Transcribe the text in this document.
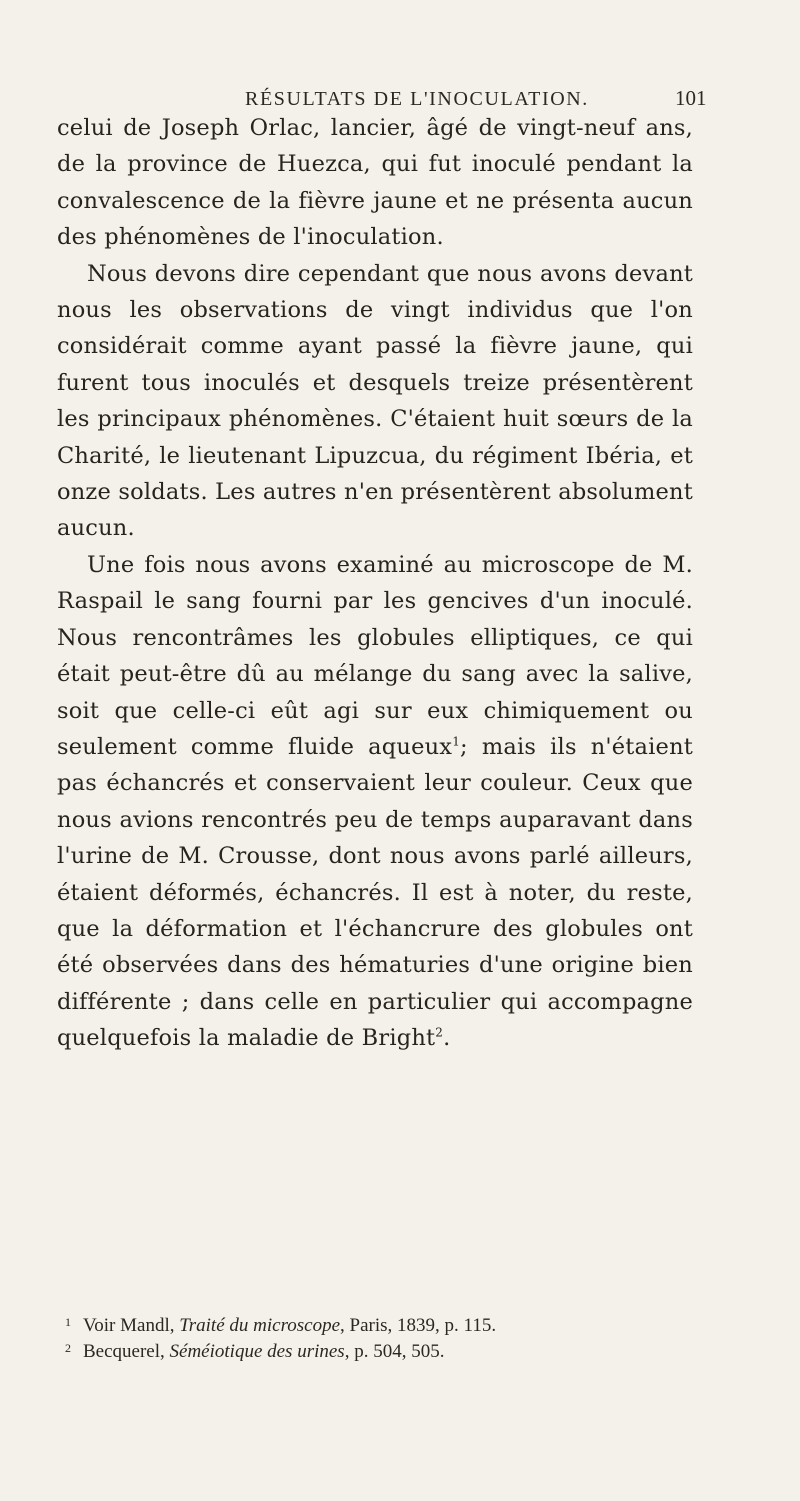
RÉSULTATS DE L'INOCULATION.	101

celui de Joseph Orlac, lancier, âgé de vingt-neuf ans, de la province de Huezca, qui fut inoculé pendant la convalescence de la fièvre jaune et ne présenta aucun des phénomènes de l'inoculation.

Nous devons dire cependant que nous avons devant nous les observations de vingt individus que l'on considérait comme ayant passé la fièvre jaune, qui furent tous inoculés et desquels treize présentèrent les principaux phénomènes. C'étaient huit sœurs de la Charité, le lieutenant Lipuzcua, du régiment Ibéria, et onze soldats. Les autres n'en présentèrent absolument aucun.

Une fois nous avons examiné au microscope de M. Raspail le sang fourni par les gencives d'un inoculé. Nous rencontrâmes les globules elliptiques, ce qui était peut-être dû au mélange du sang avec la salive, soit que celle-ci eût agi sur eux chimiquement ou seulement comme fluide aqueux$^1$; mais ils n'étaient pas échancrés et conservaient leur couleur. Ceux que nous avions rencontrés peu de temps auparavant dans l'urine de M. Crousse, dont nous avons parlé ailleurs, étaient déformés, échancrés. Il est à noter, du reste, que la déformation et l'échancrure des globules ont été observées dans des hématuries d'une origine bien différente ; dans celle en particulier qui accompagne quelquefois la maladie de Bright$^2$.

1 Voir Mandl, Traité du microscope, Paris, 1839, p. 115.

2 Becquerel, Séméiotique des urines, p. 504, 505.
